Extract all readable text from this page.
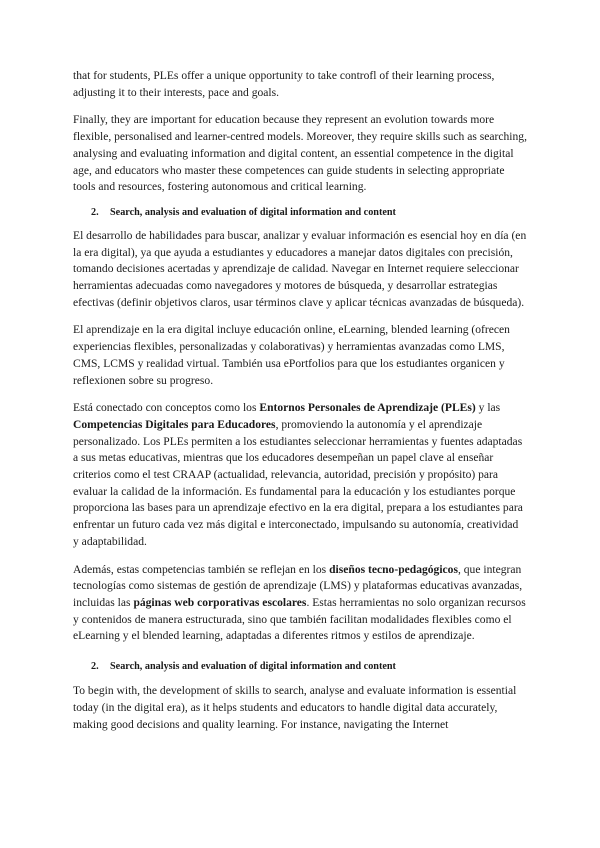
that for students, PLEs offer a unique opportunity to take controfl of their learning process, adjusting it to their interests, pace and goals.

Finally, they are important for education because they represent an evolution towards more flexible, personalised and learner-centred models. Moreover, they require skills such as searching, analysing and evaluating information and digital content, an essential competence in the digital age, and educators who master these competences can guide students in selecting appropriate tools and resources, fostering autonomous and critical learning.

2. Search, analysis and evaluation of digital information and content

El desarrollo de habilidades para buscar, analizar y evaluar información es esencial hoy en día (en la era digital), ya que ayuda a estudiantes y educadores a manejar datos digitales con precisión, tomando decisiones acertadas y aprendizaje de calidad. Navegar en Internet requiere seleccionar herramientas adecuadas como navegadores y motores de búsqueda, y desarrollar estrategias efectivas (definir objetivos claros, usar términos clave y aplicar técnicas avanzadas de búsqueda).

El aprendizaje en la era digital incluye educación online, eLearning, blended learning (ofrecen experiencias flexibles, personalizadas y colaborativas) y herramientas avanzadas como LMS, CMS, LCMS y realidad virtual. También usa ePortfolios para que los estudiantes organicen y reflexionen sobre su progreso.

Está conectado con conceptos como los Entornos Personales de Aprendizaje (PLEs) y las Competencias Digitales para Educadores, promoviendo la autonomía y el aprendizaje personalizado. Los PLEs permiten a los estudiantes seleccionar herramientas y fuentes adaptadas a sus metas educativas, mientras que los educadores desempeñan un papel clave al enseñar criterios como el test CRAAP (actualidad, relevancia, autoridad, precisión y propósito) para evaluar la calidad de la información. Es fundamental para la educación y los estudiantes porque proporciona las bases para un aprendizaje efectivo en la era digital, prepara a los estudiantes para enfrentar un futuro cada vez más digital e interconectado, impulsando su autonomía, creatividad y adaptabilidad.

Además, estas competencias también se reflejan en los diseños tecno-pedagógicos, que integran tecnologías como sistemas de gestión de aprendizaje (LMS) y plataformas educativas avanzadas, incluidas las páginas web corporativas escolares. Estas herramientas no solo organizan recursos y contenidos de manera estructurada, sino que también facilitan modalidades flexibles como el eLearning y el blended learning, adaptadas a diferentes ritmos y estilos de aprendizaje.

2. Search, analysis and evaluation of digital information and content

To begin with, the development of skills to search, analyse and evaluate information is essential today (in the digital era), as it helps students and educators to handle digital data accurately, making good decisions and quality learning. For instance, navigating the Internet
